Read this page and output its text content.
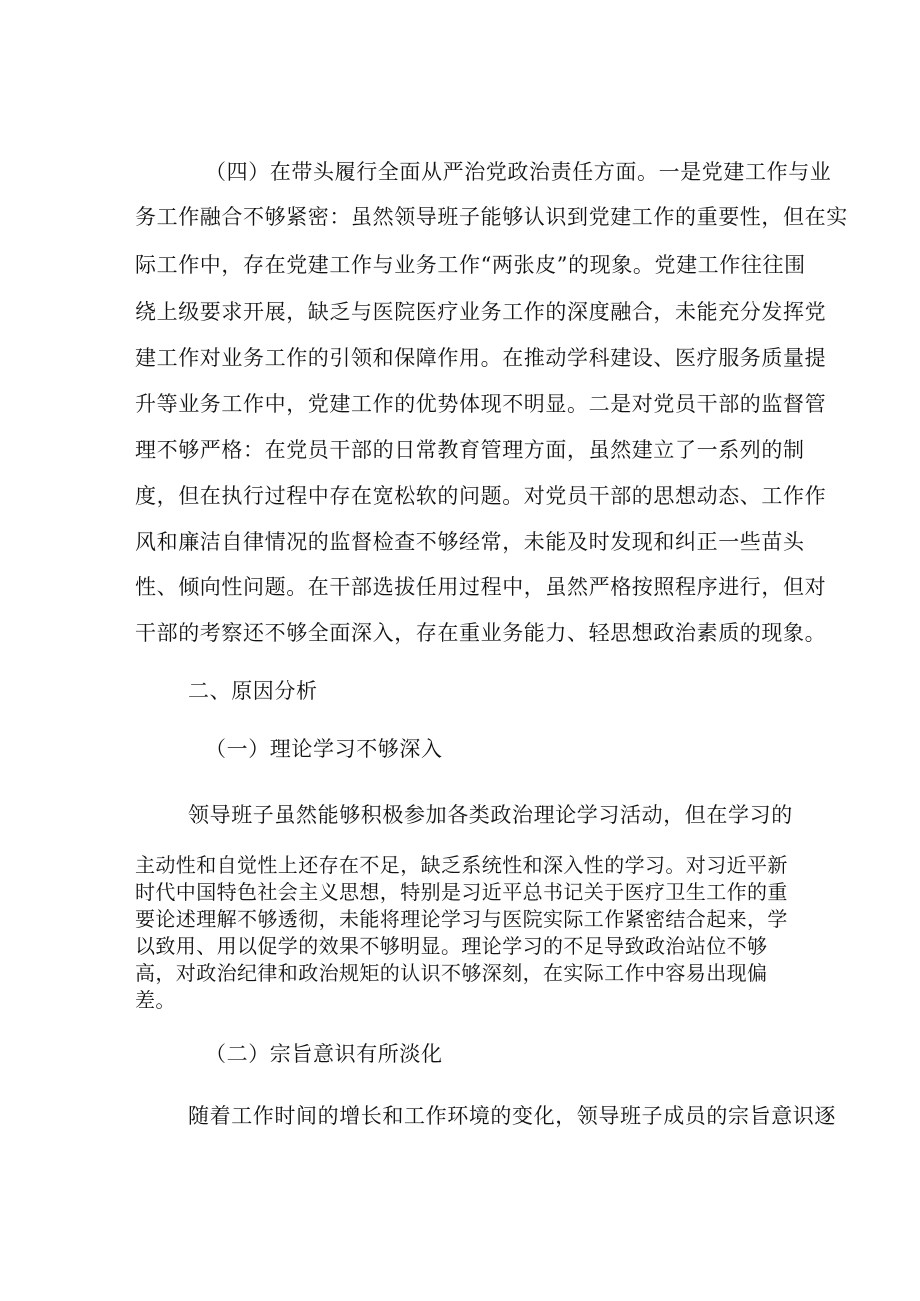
（四）在带头履行全面从严治党政治责任方面。一是党建工作与业

务工作融合不够紧密：虽然领导班子能够认识到党建工作的重要性，但在实

际工作中，存在党建工作与业务工作“两张皮”的现象。党建工作往往围

绕上级要求开展，缺乏与医院医疗业务工作的深度融合，未能充分发挥党

建工作对业务工作的引领和保障作用。在推动学科建设、医疗服务质量提

升等业务工作中，党建工作的优势体现不明显。二是对党员干部的监督管

理不够严格：在党员干部的日常教育管理方面，虽然建立了一系列的制

度，但在执行过程中存在宽松软的问题。对党员干部的思想动态、工作作

风和廉洁自律情况的监督检查不够经常，未能及时发现和纠正一些苗头

性、倾向性问题。在干部选拔任用过程中，虽然严格按照程序进行，但对

干部的考察还不够全面深入，存在重业务能力、轻思想政治素质的现象。

二、原因分析

（一）理论学习不够深入

领导班子虽然能够积极参加各类政治理论学习活动，但在学习的

主动性和自觉性上还存在不足，缺乏系统性和深入性的学习。对习近平新

时代中国特色社会主义思想，特别是习近平总书记关于医疗卫生工作的重

要论述理解不够透彻，未能将理论学习与医院实际工作紧密结合起来，学

以致用、用以促学的效果不够明显。理论学习的不足导致政治站位不够

高，对政治纪律和政治规矩的认识不够深刻，在实际工作中容易出现偏

差。

（二）宗旨意识有所淡化

随着工作时间的增长和工作环境的变化，领导班子成员的宗旨意识逐
